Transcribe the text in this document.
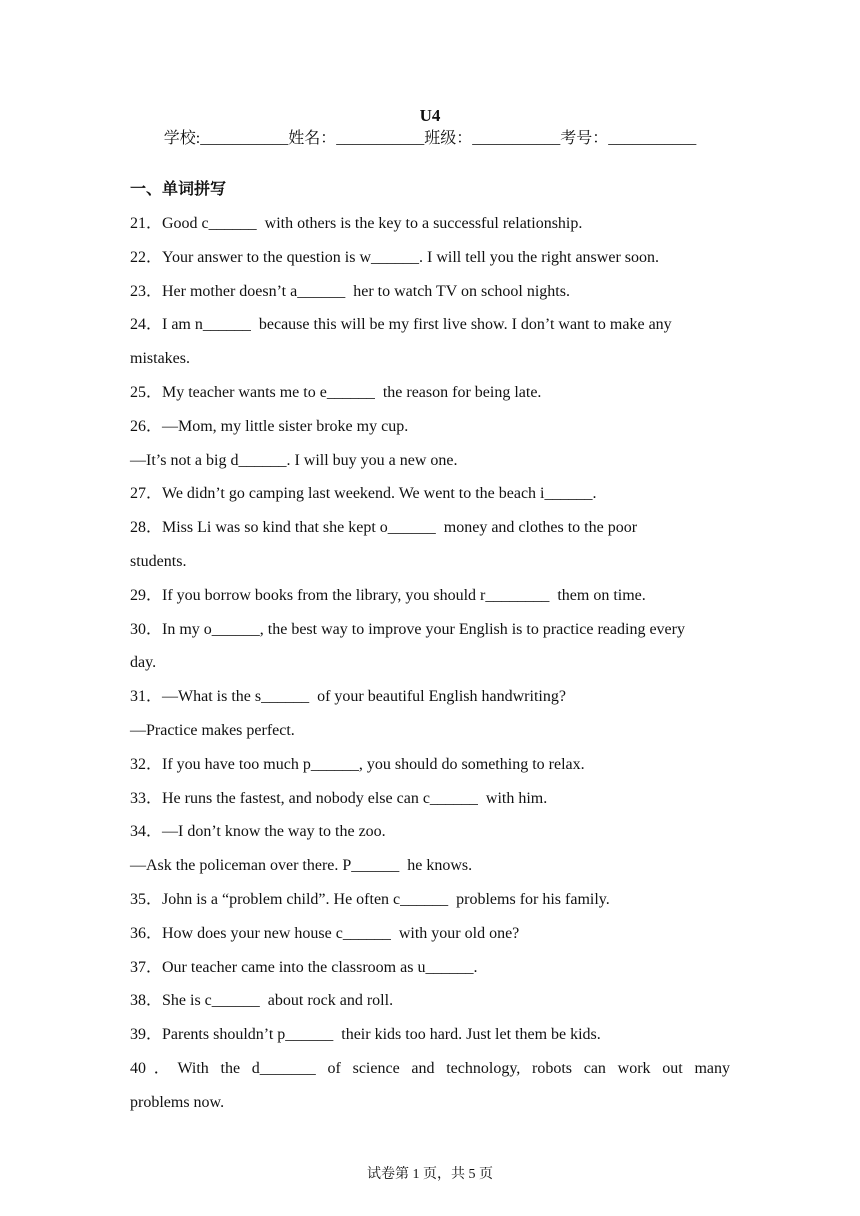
U4
学校:___________姓名：___________班级：___________考号：___________
一、单词拼写
21．Good c______  with others is the key to a successful relationship.
22．Your answer to the question is w______. I will tell you the right answer soon.
23．Her mother doesn’t a______  her to watch TV on school nights.
24．I am n______  because this will be my first live show. I don’t want to make any
mistakes.
25．My teacher wants me to e______  the reason for being late.
26．—Mom, my little sister broke my cup.
—It’s not a big d______. I will buy you a new one.
27．We didn’t go camping last weekend. We went to the beach i______.
28．Miss Li was so kind that she kept o______  money and clothes to the poor
students.
29．If you borrow books from the library, you should r________  them on time.
30．In my o______, the best way to improve your English is to practice reading every
day.
31．—What is the s______  of your beautiful English handwriting?
—Practice makes perfect.
32．If you have too much p______, you should do something to relax.
33．He runs the fastest, and nobody else can c______  with him.
34．—I don’t know the way to the zoo.
—Ask the policeman over there. P______  he knows.
35．John is a “problem child”. He often c______  problems for his family.
36．How does your new house c______  with your old one?
37．Our teacher came into the classroom as u______.
38．She is c______  about rock and roll.
39．Parents shouldn’t p______  their kids too hard. Just let them be kids.
40．With the d_______ of science and technology, robots can work out many
problems now.
试卷第 1 页，共 5 页
